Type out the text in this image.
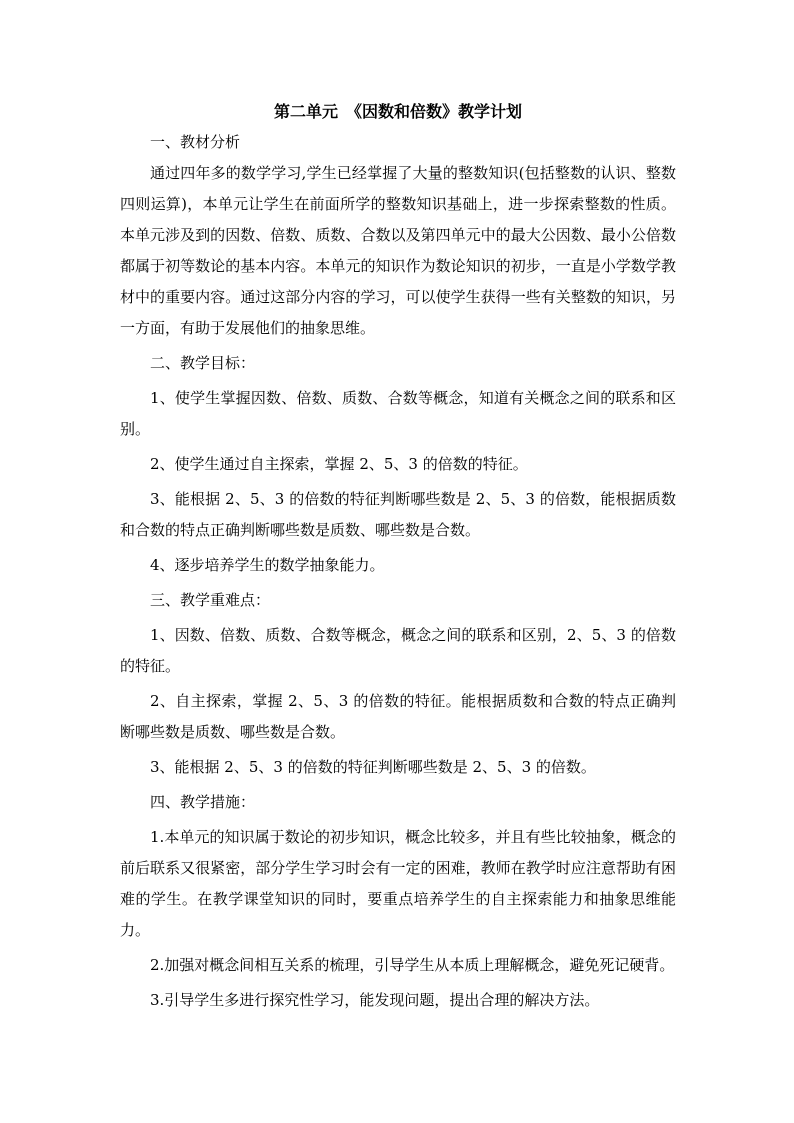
第二单元　《因数和倍数》教学计划

一、教材分析

通过四年多的数学学习,学生已经掌握了大量的整数知识(包括整数的认识、整数四则运算)，本单元让学生在前面所学的整数知识基础上，进一步探索整数的性质。本单元涉及到的因数、倍数、质数、合数以及第四单元中的最大公因数、最小公倍数都属于初等数论的基本内容。本单元的知识作为数论知识的初步，一直是小学数学教材中的重要内容。通过这部分内容的学习，可以使学生获得一些有关整数的知识，另一方面，有助于发展他们的抽象思维。

二、教学目标：

1、使学生掌握因数、倍数、质数、合数等概念，知道有关概念之间的联系和区别。

2、使学生通过自主探索，掌握 2、5、3 的倍数的特征。

3、能根据 2、5、3 的倍数的特征判断哪些数是 2、5、3 的倍数，能根据质数和合数的特点正确判断哪些数是质数、哪些数是合数。

4、逐步培养学生的数学抽象能力。

三、教学重难点：

1、因数、倍数、质数、合数等概念，概念之间的联系和区别，2、5、3 的倍数的特征。

2、自主探索，掌握 2、5、3 的倍数的特征。能根据质数和合数的特点正确判断哪些数是质数、哪些数是合数。

3、能根据 2、5、3 的倍数的特征判断哪些数是 2、5、3 的倍数。

四、教学措施：

1.本单元的知识属于数论的初步知识，概念比较多，并且有些比较抽象，概念的前后联系又很紧密，部分学生学习时会有一定的困难，教师在教学时应注意帮助有困难的学生。在教学课堂知识的同时，要重点培养学生的自主探索能力和抽象思维能力。

2.加强对概念间相互关系的梳理，引导学生从本质上理解概念，避免死记硬背。

3.引导学生多进行探究性学习，能发现问题，提出合理的解决方法。
